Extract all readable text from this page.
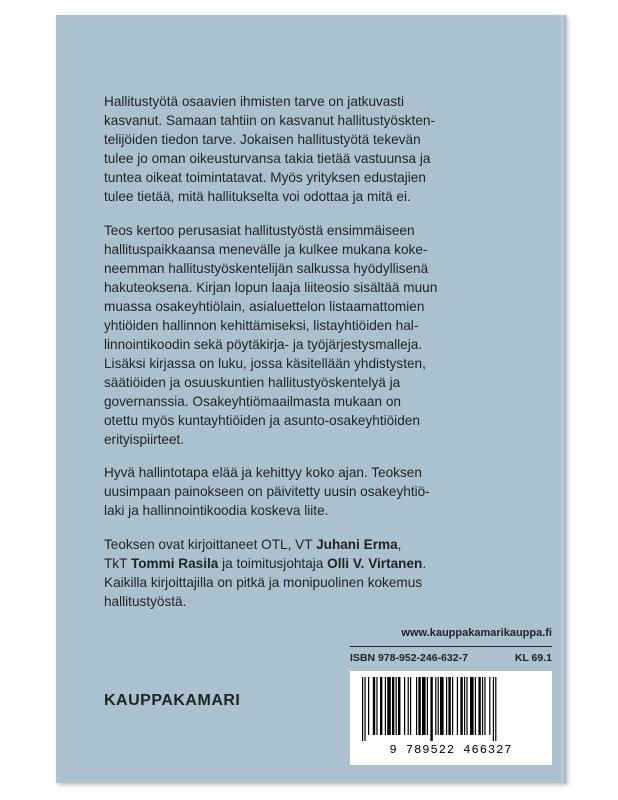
Hallitustyötä osaavien ihmisten tarve on jatkuvasti

kasvanut. Samaan tahtiin on kasvanut hallitustyöskten-

telijöiden tiedon tarve. Jokaisen hallitustyötä tekevän

tulee jo oman oikeusturvansa takia tietää vastuunsa ja

tuntea oikeat toimintatavat. Myös yrityksen edustajien

tulee tietää, mitä hallitukselta voi odottaa ja mitä ei.

Teos kertoo perusasiat hallitustyöstä ensimmäiseen

hallituspaikkaansa menevälle ja kulkee mukana koke-

neemman hallitustyöskentelijän salkussa hyödyllisenä

hakuteoksena. Kirjan lopun laaja liiteosio sisältää muun

muassa osakeyhtiölain, asialuettelon listaamattomien

yhtiöiden hallinnon kehittämiseksi, listayhtiöiden hal-

linnointikoodin sekä pöytäkirja- ja työjärjestysmalleja.

Lisäksi kirjassa on luku, jossa käsitellään yhdistysten,

säätiöiden ja osuuskuntien hallitustyöskentelyä ja

governanssia. Osakeyhtiömaailmasta mukaan on

otettu myös kuntayhtiöiden ja asunto-osakeyhtiöiden

erityispiirteet.

Hyvä hallintotapa elää ja kehittyy koko ajan. Teoksen

uusimpaan painokseen on päivitetty uusin osakeyhtiö-

laki ja hallinnointikoodia koskeva liite.

Teoksen ovat kirjoittaneet OTL, VT Juhani Erma,

TkT Tommi Rasila ja toimitusjohtaja Olli V. Virtanen.

Kaikilla kirjoittajilla on pitkä ja monipuolinen kokemus

hallitustyöstä.

www.kauppakamarikauppa.fi
ISBN 978-952-246-632-7	KL 69.1
KAUPPAKAMARI
9 789522 466327
